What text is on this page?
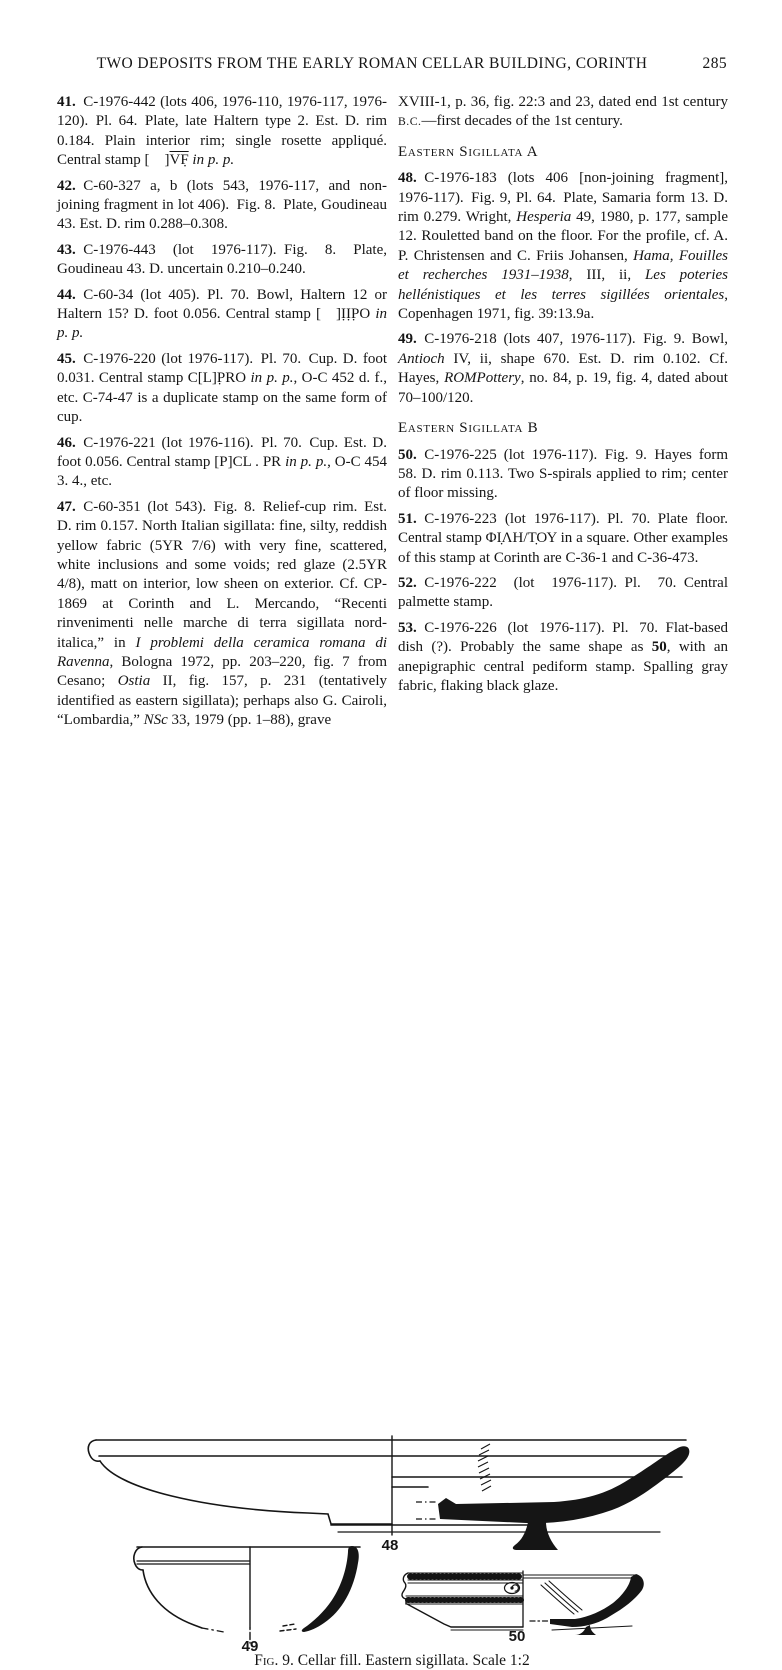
TWO DEPOSITS FROM THE EARLY ROMAN CELLAR BUILDING, CORINTH	285

41.  C-1976-442 (lots 406, 1976-110, 1976-117, 1976-120). Pl. 64. Plate, late Haltern type 2. Est. D. rim 0.184. Plain interior rim; single rosette appliqué. Central stamp [  ]VF̣ in p. p.

42.  C-60-327 a, b (lots 543, 1976-117, and non-joining fragment in lot 406). Fig. 8. Plate, Goudineau 43. Est. D. rim 0.288–0.308.

43.  C-1976-443 (lot 1976-117). Fig. 8. Plate, Goudineau 43. D. uncertain 0.210–0.240.

44.  C-60-34 (lot 405). Pl. 70. Bowl, Haltern 12 or Haltern 15? D. foot 0.056. Central stamp [  ]ỊỊP̣O in p. p.

45.  C-1976-220 (lot 1976-117). Pl. 70. Cup. D. foot 0.031. Central stamp C[L]P̣RO in p. p., O-C 452 d. f., etc. C-74-47 is a duplicate stamp on the same form of cup.

46.  C-1976-221 (lot 1976-116). Pl. 70. Cup. Est. D. foot 0.056. Central stamp [P]CL . PR in p. p., O-C 454 3. 4., etc.

47.  C-60-351 (lot 543). Fig. 8. Relief-cup rim. Est. D. rim 0.157. North Italian sigillata: fine, silty, reddish yellow fabric (5YR 7/6) with very fine, scattered, white inclusions and some voids; red glaze (2.5YR 4/8), matt on interior, low sheen on exterior. Cf. CP-1869 at Corinth and L. Mercando, “Recenti rinvenimenti nelle marche di terra sigillata nord-italica,” in I problemi della ceramica romana di Ravenna, Bologna 1972, pp. 203–220, fig. 7 from Cesano; Ostia II, fig. 157, p. 231 (tentatively identified as eastern sigillata); perhaps also G. Cairoli, “Lombardia,” NSc 33, 1979 (pp. 1–88), grave

XVIII-1, p. 36, fig. 22:3 and 23, dated end 1st century B.C.—first decades of the 1st century.

Eastern Sigillata A

48.  C-1976-183 (lots 406 [non-joining fragment], 1976-117). Fig. 9, Pl. 64. Plate, Samaria form 13. D. rim 0.279. Wright, Hesperia 49, 1980, p. 177, sample 12. Rouletted band on the floor. For the profile, cf. A. P. Christensen and C. Friis Johansen, Hama, Fouilles et recherches 1931–1938, III, ii, Les poteries hellénistiques et les terres sigillées orientales, Copenhagen 1971, fig. 39:13.9a.

49.  C-1976-218 (lots 407, 1976-117). Fig. 9. Bowl, Antioch IV, ii, shape 670. Est. D. rim 0.102. Cf. Hayes, ROMPottery, no. 84, p. 19, fig. 4, dated about 70–100/120.

Eastern Sigillata B

50.  C-1976-225 (lot 1976-117). Fig. 9. Hayes form 58. D. rim 0.113. Two S-spirals applied to rim; center of floor missing.

51.  C-1976-223 (lot 1976-117). Pl. 70. Plate floor. Central stamp ΦΙ̣ΛΗ/Τ̣ΟΥ in a square. Other examples of this stamp at Corinth are C-36-1 and C-36-473.

52.  C-1976-222 (lot 1976-117). Pl. 70. Central palmette stamp.

53.  C-1976-226 (lot 1976-117). Pl. 70. Flat-based dish (?). Probably the same shape as 50, with an anepigraphic central pediform stamp. Spalling gray fabric, flaking black glaze.

48
49
50
Fig. 9. Cellar fill. Eastern sigillata. Scale 1:2
